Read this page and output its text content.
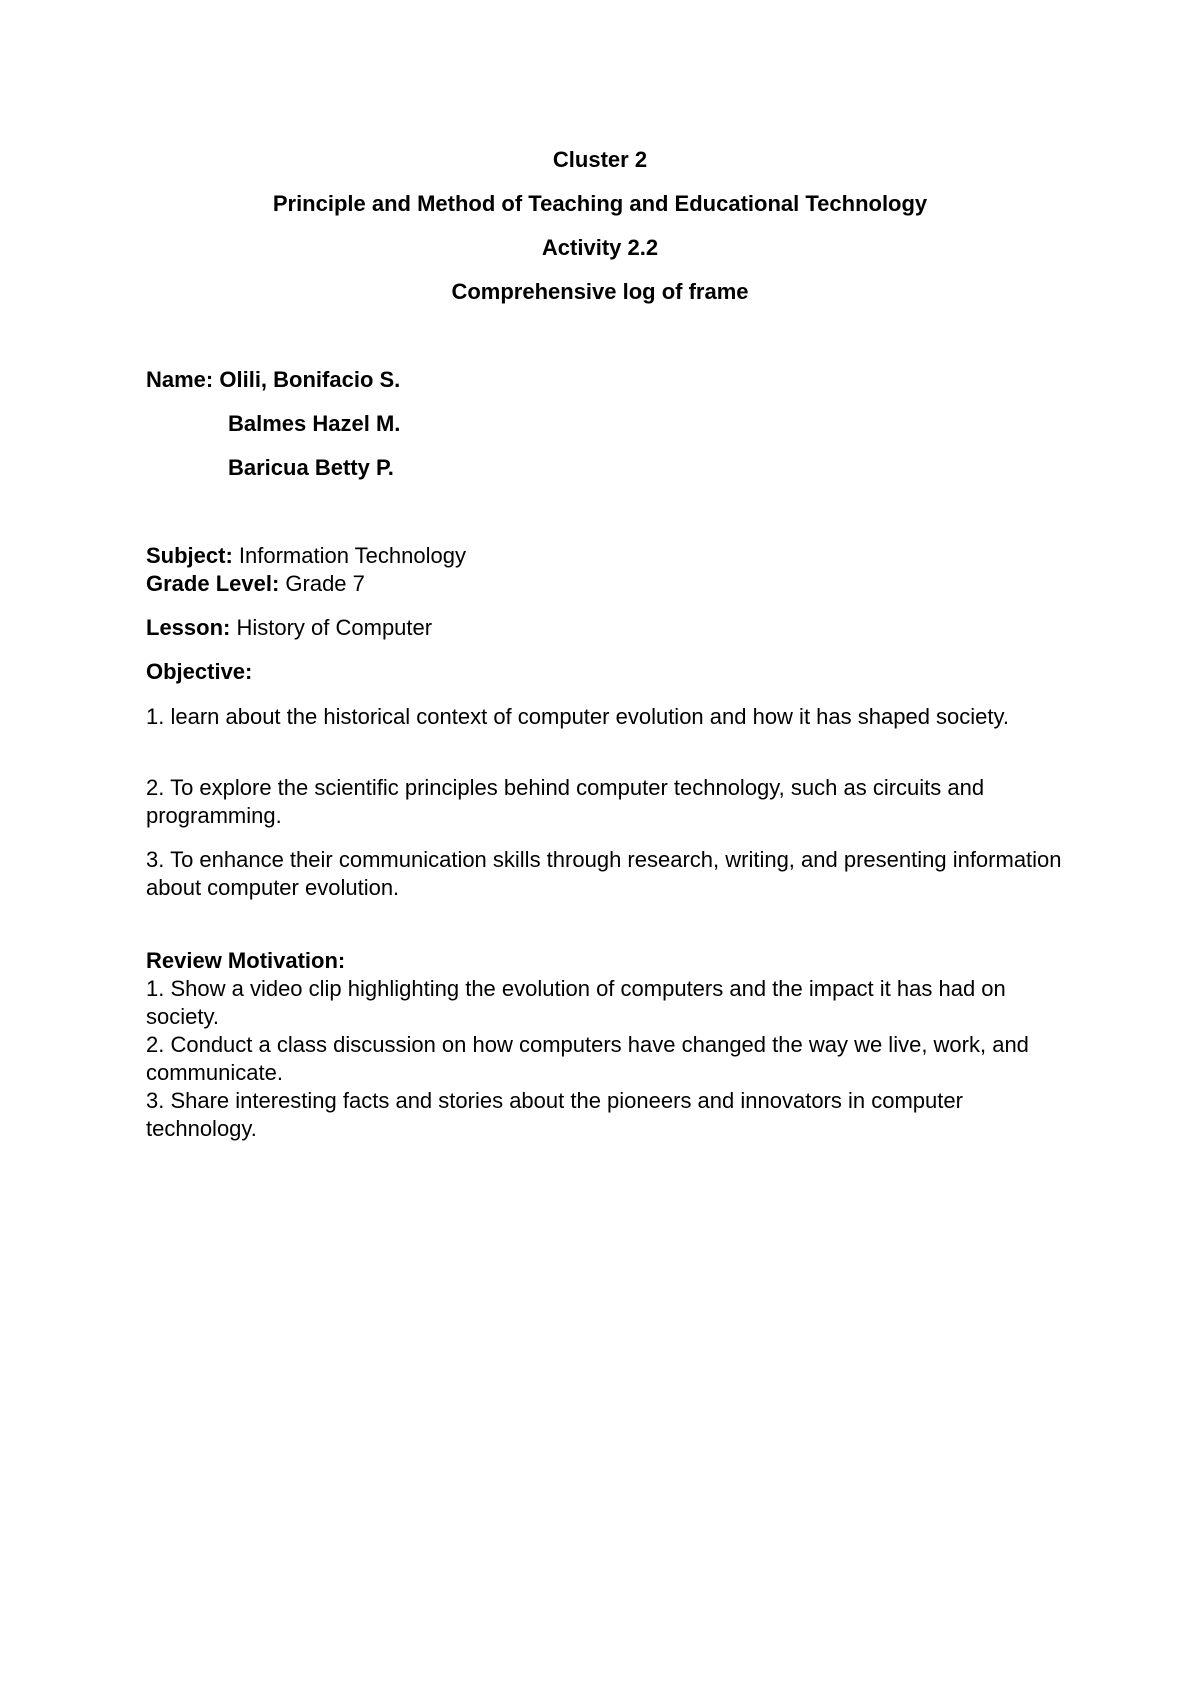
Cluster 2
Principle and Method of Teaching and Educational Technology
Activity 2.2
Comprehensive log of frame
Name: Olili, Bonifacio S.
Balmes Hazel M.
Baricua Betty P.
Subject: Information Technology
Grade Level: Grade 7
Lesson: History of Computer
Objective:
1. learn about the historical context of computer evolution and how it has shaped society.
2. To explore the scientific principles behind computer technology, such as circuits and programming.
3. To enhance their communication skills through research, writing, and presenting information about computer evolution.
Review Motivation:
1. Show a video clip highlighting the evolution of computers and the impact it has had on society.
2. Conduct a class discussion on how computers have changed the way we live, work, and communicate.
3. Share interesting facts and stories about the pioneers and innovators in computer technology.
